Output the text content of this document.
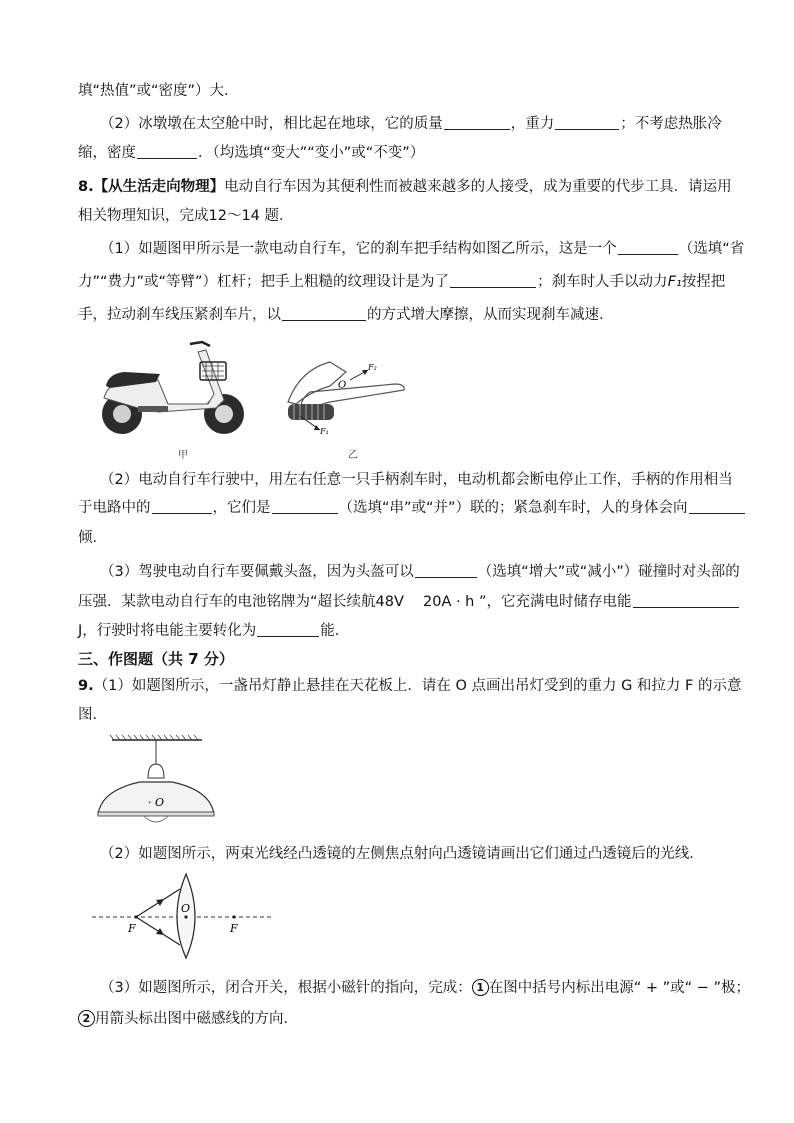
填“热值”或“密度”）大．
（2）冰墩墩在太空舱中时，相比起在地球，它的质量	，重力	；不考虑热胀冷
缩，密度	．（均选填“变大”“变小”或“不变”）
8.【从生活走向物理】电动自行车因为其便利性而被越来越多的人接受，成为重要的代步工具．请运用
相关物理知识，完成12～14 题．
（1）如题图甲所示是一款电动自行车，它的刹车把手结构如图乙所示，这是一个	（选填“省
力”“费力”或“等臂”）杠杆；把手上粗糙的纹理设计是为了	；刹车时人手以动力F₁按捏把
手，拉动刹车线压紧刹车片，以	的方式增大摩擦，从而实现刹车减速．
甲
O
F₂
F₁
乙
（2）电动自行车行驶中，用左右任意一只手柄刹车时，电动机都会断电停止工作，手柄的作用相当
于电路中的	，它们是	（选填“串”或“并”）联的；紧急刹车时，人的身体会向
倾．
（3）驾驶电动自行车要佩戴头盔，因为头盔可以	（选填“增大”或“减小”）碰撞时对头部的
压强．某款电动自行车的电池铭牌为“超长续航48V　 20A · h ”，它充满电时储存电能
J，行驶时将电能主要转化为	能．
三、作图题（共 7 分）
9.（1）如题图所示，一盏吊灯静止悬挂在天花板上．请在 O 点画出吊灯受到的重力 G 和拉力 F 的示意
图．
· O
（2）如题图所示，两束光线经凸透镜的左侧焦点射向凸透镜请画出它们通过凸透镜后的光线．
F
O
F
（3）如题图所示，闭合开关，根据小磁针的指向，完成： 1 在图中括号内标出电源“ + ”或“ − ”极；
2 用箭头标出图中磁感线的方向．
